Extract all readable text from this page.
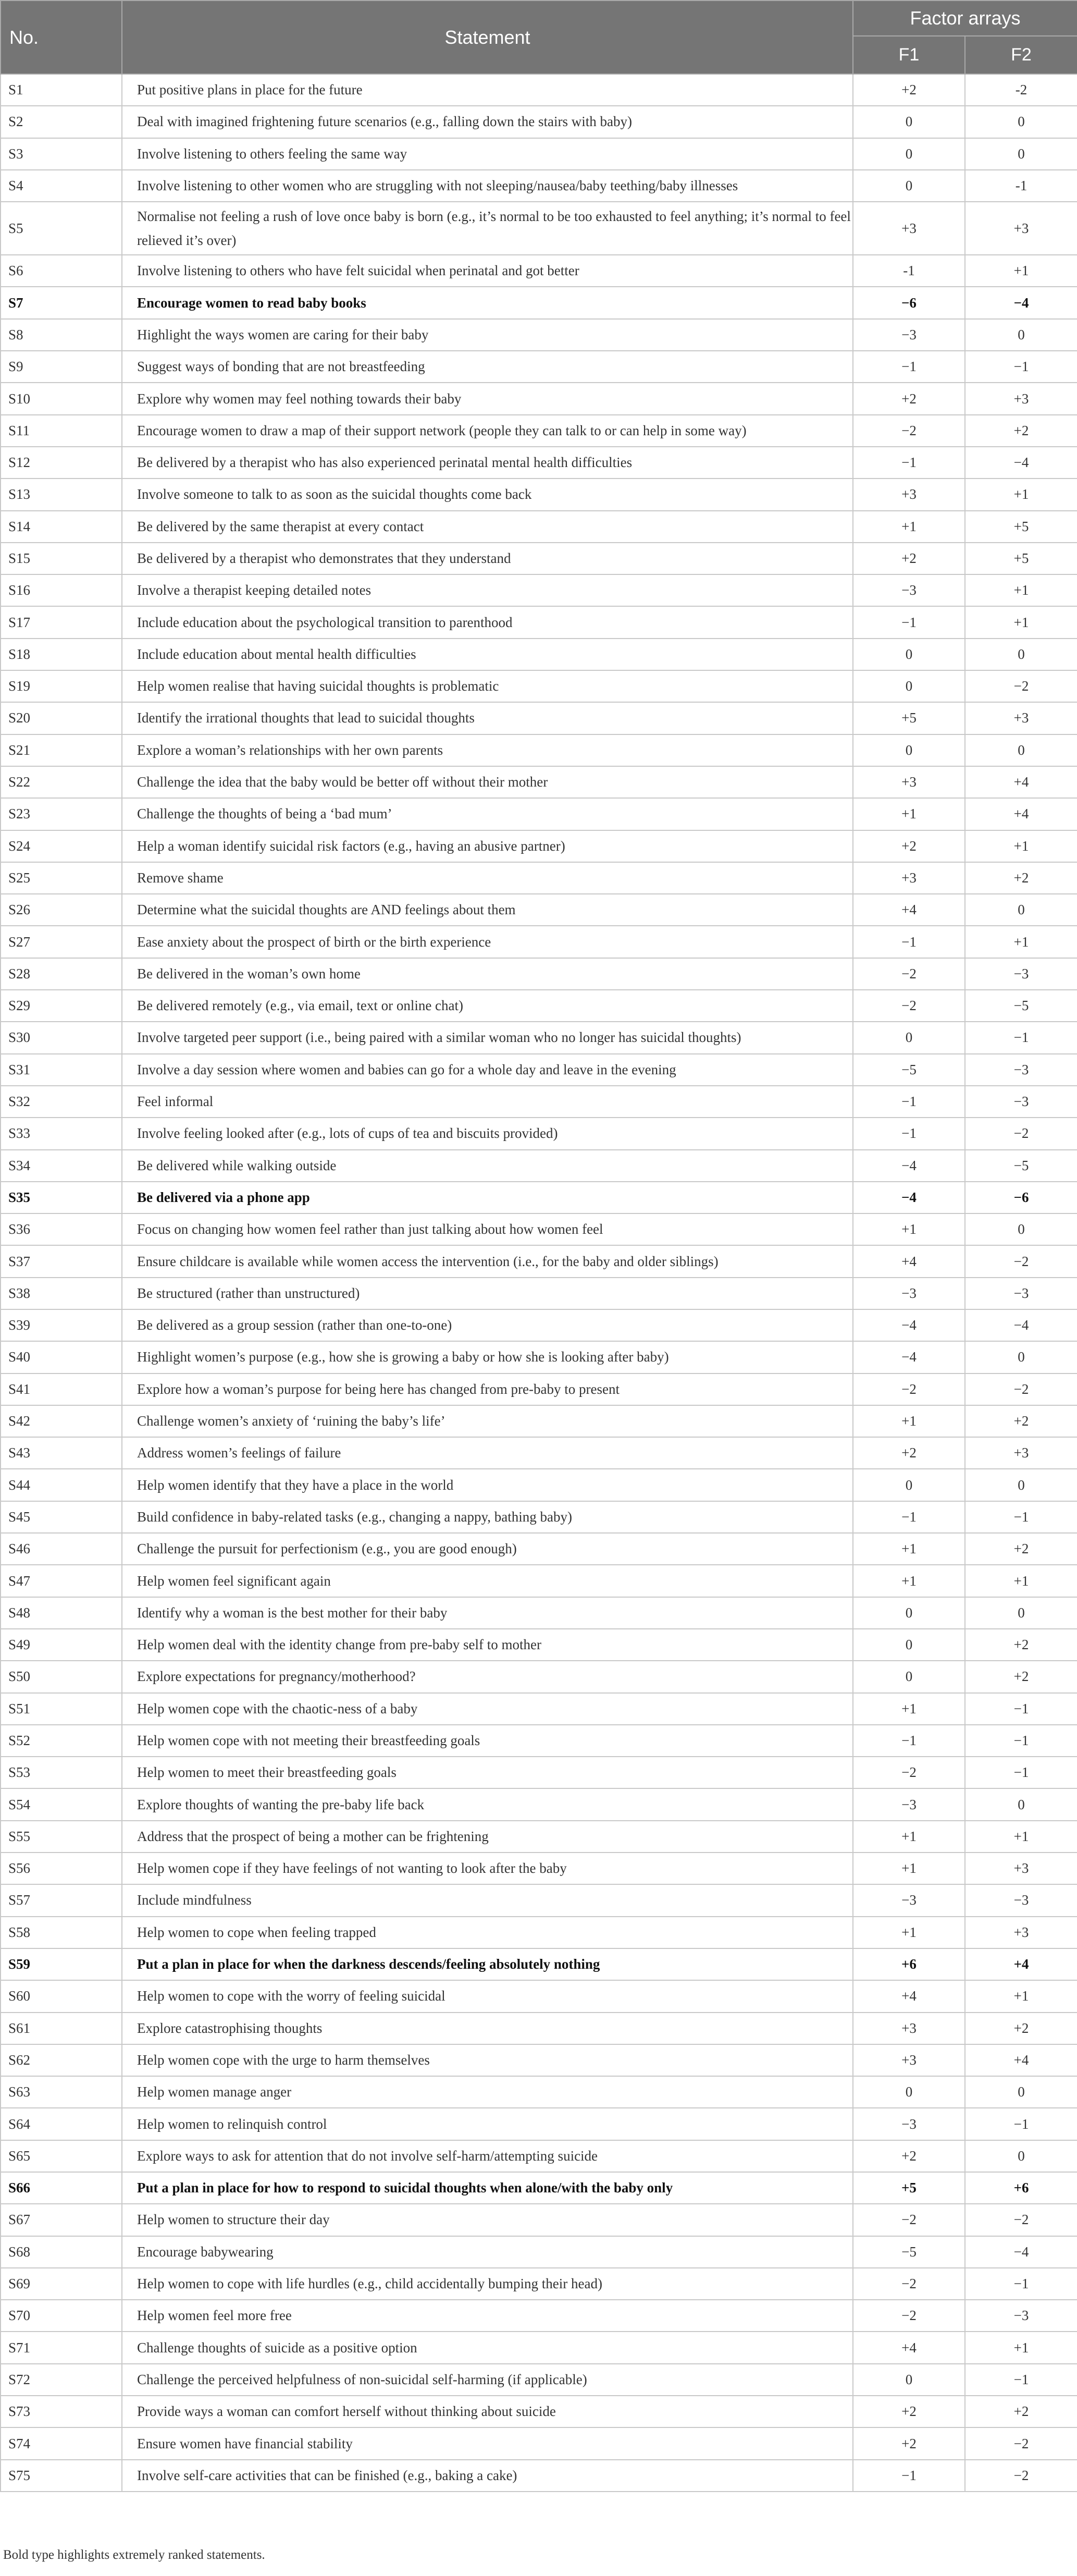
No.	Statement	Factor arrays	
		F1	F2
S1	Put positive plans in place for the future	+2	-2
S2	Deal with imagined frightening future scenarios (e.g., falling down the stairs with baby)	0	0
S3	Involve listening to others feeling the same way	0	0
S4	Involve listening to other women who are struggling with not sleeping/nausea/baby teething/baby illnesses	0	-1
S5	Normalise not feeling a rush of love once baby is born (e.g., it’s normal to be too exhausted to feel anything; it’s normal to feel relieved it’s over)	+3	+3
S6	Involve listening to others who have felt suicidal when perinatal and got better	-1	+1
S7	Encourage women to read baby books	−6	−4
S8	Highlight the ways women are caring for their baby	−3	0
S9	Suggest ways of bonding that are not breastfeeding	−1	−1
S10	Explore why women may feel nothing towards their baby	+2	+3
S11	Encourage women to draw a map of their support network (people they can talk to or can help in some way)	−2	+2
S12	Be delivered by a therapist who has also experienced perinatal mental health difficulties	−1	−4
S13	Involve someone to talk to as soon as the suicidal thoughts come back	+3	+1
S14	Be delivered by the same therapist at every contact	+1	+5
S15	Be delivered by a therapist who demonstrates that they understand	+2	+5
S16	Involve a therapist keeping detailed notes	−3	+1
S17	Include education about the psychological transition to parenthood	−1	+1
S18	Include education about mental health difficulties	0	0
S19	Help women realise that having suicidal thoughts is problematic	0	−2
S20	Identify the irrational thoughts that lead to suicidal thoughts	+5	+3
S21	Explore a woman’s relationships with her own parents	0	0
S22	Challenge the idea that the baby would be better off without their mother	+3	+4
S23	Challenge the thoughts of being a ‘bad mum’	+1	+4
S24	Help a woman identify suicidal risk factors (e.g., having an abusive partner)	+2	+1
S25	Remove shame	+3	+2
S26	Determine what the suicidal thoughts are AND feelings about them	+4	0
S27	Ease anxiety about the prospect of birth or the birth experience	−1	+1
S28	Be delivered in the woman’s own home	−2	−3
S29	Be delivered remotely (e.g., via email, text or online chat)	−2	−5
S30	Involve targeted peer support (i.e., being paired with a similar woman who no longer has suicidal thoughts)	0	−1
S31	Involve a day session where women and babies can go for a whole day and leave in the evening	−5	−3
S32	Feel informal	−1	−3
S33	Involve feeling looked after (e.g., lots of cups of tea and biscuits provided)	−1	−2
S34	Be delivered while walking outside	−4	−5
S35	Be delivered via a phone app	−4	−6
S36	Focus on changing how women feel rather than just talking about how women feel	+1	0
S37	Ensure childcare is available while women access the intervention (i.e., for the baby and older siblings)	+4	−2
S38	Be structured (rather than unstructured)	−3	−3
S39	Be delivered as a group session (rather than one-to-one)	−4	−4
S40	Highlight women’s purpose (e.g., how she is growing a baby or how she is looking after baby)	−4	0
S41	Explore how a woman’s purpose for being here has changed from pre-baby to present	−2	−2
S42	Challenge women’s anxiety of ‘ruining the baby’s life’	+1	+2
S43	Address women’s feelings of failure	+2	+3
S44	Help women identify that they have a place in the world	0	0
S45	Build confidence in baby-related tasks (e.g., changing a nappy, bathing baby)	−1	−1
S46	Challenge the pursuit for perfectionism (e.g., you are good enough)	+1	+2
S47	Help women feel significant again	+1	+1
S48	Identify why a woman is the best mother for their baby	0	0
S49	Help women deal with the identity change from pre-baby self to mother	0	+2
S50	Explore expectations for pregnancy/motherhood?	0	+2
S51	Help women cope with the chaotic-ness of a baby	+1	−1
S52	Help women cope with not meeting their breastfeeding goals	−1	−1
S53	Help women to meet their breastfeeding goals	−2	−1
S54	Explore thoughts of wanting the pre-baby life back	−3	0
S55	Address that the prospect of being a mother can be frightening	+1	+1
S56	Help women cope if they have feelings of not wanting to look after the baby	+1	+3
S57	Include mindfulness	−3	−3
S58	Help women to cope when feeling trapped	+1	+3
S59	Put a plan in place for when the darkness descends/feeling absolutely nothing	+6	+4
S60	Help women to cope with the worry of feeling suicidal	+4	+1
S61	Explore catastrophising thoughts	+3	+2
S62	Help women cope with the urge to harm themselves	+3	+4
S63	Help women manage anger	0	0
S64	Help women to relinquish control	−3	−1
S65	Explore ways to ask for attention that do not involve self-harm/attempting suicide	+2	0
S66	Put a plan in place for how to respond to suicidal thoughts when alone/with the baby only	+5	+6
S67	Help women to structure their day	−2	−2
S68	Encourage babywearing	−5	−4
S69	Help women to cope with life hurdles (e.g., child accidentally bumping their head)	−2	−1
S70	Help women feel more free	−2	−3
S71	Challenge thoughts of suicide as a positive option	+4	+1
S72	Challenge the perceived helpfulness of non-suicidal self-harming (if applicable)	0	−1
S73	Provide ways a woman can comfort herself without thinking about suicide	+2	+2
S74	Ensure women have financial stability	+2	−2
S75	Involve self-care activities that can be finished (e.g., baking a cake)	−1	−2
Bold type highlights extremely ranked statements.
